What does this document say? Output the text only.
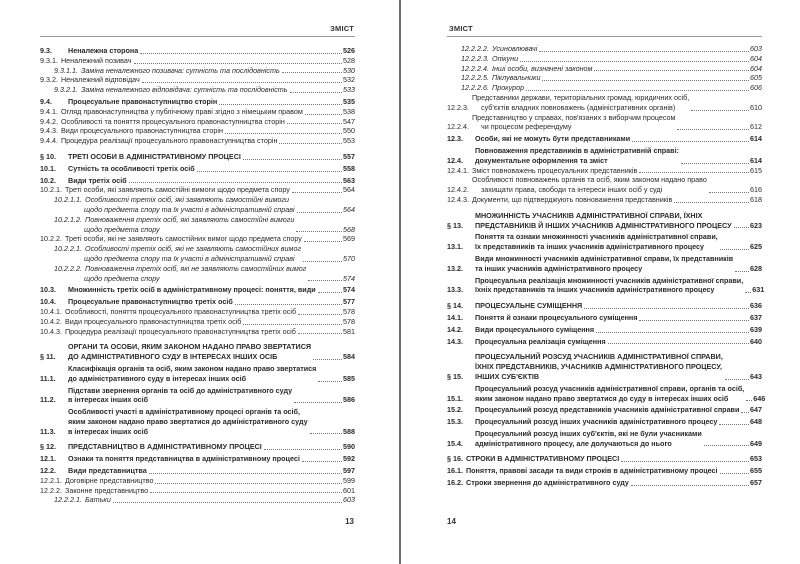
ЗМІСТ
9.3.	Неналежна сторона	526
9.3.1. Неналежний позивач	528
9.3.1.1. Заміна неналежного позивача: сутність та послідовність	530
9.3.2. Неналежний відповідач	532
9.3.2.1. Заміна неналежного відповідача: сутність та послідовність	533
9.4.	Процесуальне правонаступництво сторін	535
9.4.1. Огляд правонаступництва у публічному праві згідно з німецьким правом	538
9.4.2. Особливості та поняття процесуального правонаступництва сторін	547
9.4.3. Види процесуального правонаступництва сторін	550
9.4.4. Процедура реалізації процесуального правонаступництва сторін	553
§ 10.	ТРЕТІ ОСОБИ В АДМІНІСТРАТИВНОМУ ПРОЦЕСІ	557
10.1.	Сутність та особливості третіх осіб	558
10.2.	Види третіх осіб	563
10.2.1. Треті особи, які заявляють самостійні вимоги щодо предмета спору	564
10.2.1.1. Особливості третіх осіб, які заявляють самостійні вимоги
щодо предмета спору та їх участі в адміністративній справі	564
10.2.1.2. Повноваження третіх осіб, які заявляють самостійні вимоги
щодо предмета спору	568
10.2.2. Треті особи, які не заявляють самостійних вимог щодо предмета спору	569
10.2.2.1. Особливості третіх осіб, які не заявляють самостійних вимог
щодо предмета спору та їх участі в адміністративній справі	570
10.2.2.2. Повноваження третіх осіб, які не заявляють самостійних вимог
щодо предмета спору	574
10.3.	Множинність третіх осіб в адміністративному процесі: поняття, види	574
10.4.	Процесуальне правонаступництво третіх осіб	577
10.4.1. Особливості, поняття процесуального правонаступництва третіх осіб	578
10.4.2. Види процесуального правонаступництва третіх осіб	578
10.4.3. Процедура реалізації процесуального правонаступництва третіх осіб	581
§ 11.
ОРГАНИ ТА ОСОБИ, ЯКИМ ЗАКОНОМ НАДАНО ПРАВО ЗВЕРТАТИСЯ
ДО АДМІНІСТРАТИВНОГО СУДУ В ІНТЕРЕСАХ ІНШИХ ОСІБ	584
11.1.
Класифікація органів та осіб, яким законом надано право звертатися
до адміністративного суду в інтересах інших осіб	585
11.2.
Підстави звернення органів та осіб до адміністративного суду
в інтересах інших осіб	586
11.3.
Особливості участі в адміністративному процесі органів та осіб,
яким законом надано право звертатися до адміністративного суду
в інтересах інших осіб	588
§ 12.	ПРЕДСТАВНИЦТВО В АДМІНІСТРАТИВНОМУ ПРОЦЕСІ	590
12.1.	Ознаки та поняття представництва в адміністративному процесі	592
12.2.	Види представництва	597
12.2.1. Договірне представництво	599
12.2.2. Законне представництво	601
12.2.2.1. Батьки	603
13
ЗМІСТ
12.2.2.2. Усиновлювачі	603
12.2.2.3. Опікуни	604
12.2.2.4. Інші особи, визначені законом	604
12.2.2.5. Піклувальники	605
12.2.2.6. Прокурор	606
12.2.3.
Представники держави, територіальних громад, юридичних осіб,
суб'єктів владних повноважень (адміністративних органів)	610
12.2.4.
Представництво у справах, пов'язаних з виборчим процесом
чи процесом референдуму	612
12.3.	Особи, які не можуть бути представниками	614
12.4.
Повноваження представників в адміністративній справі:
документальне оформлення та зміст	614
12.4.1. Зміст повноважень процесуальних представників	615
12.4.2.
Особливості повноважень органів та осіб, яким законом надано право
захищати права, свободи та інтереси інших осіб у суді	616
12.4.3. Документи, що підтверджують повноваження представників	618
§ 13.
МНОЖИННІСТЬ УЧАСНИКІВ АДМІНІСТРАТИВНОЇ СПРАВИ, ЇХНІХ
ПРЕДСТАВНИКІВ Й ІНШИХ УЧАСНИКІВ АДМІНІСТРАТИВНОГО ПРОЦЕСУ	623
13.1.
Поняття та ознаки множинності учасників адміністративної справи,
їх представників та інших учасників адміністративного процесу	625
13.2.
Види множинності учасників адміністративної справи, їх представників
та інших учасників адміністративного процесу	628
13.3.
Процесуальна реалізація множинності учасників адміністративної справи,
їхніх представників та інших учасників адміністративного процесу	631
§ 14.	ПРОЦЕСУАЛЬНЕ СУМІЩЕННЯ	636
14.1.	Поняття й ознаки процесуального суміщення	637
14.2.	Види процесуального суміщення	639
14.3.	Процесуальна реалізація суміщення	640
§ 15.
ПРОЦЕСУАЛЬНИЙ РОЗСУД УЧАСНИКІВ АДМІНІСТРАТИВНОЇ СПРАВИ,
ЇХНІХ ПРЕДСТАВНИКІВ, УЧАСНИКІВ АДМІНІСТРАТИВНОГО ПРОЦЕСУ,
ІНШИХ СУБ'ЄКТІВ	643
15.1.
Процесуальний розсуд учасників адміністративної справи, органів та осіб,
яким законом надано право звертатися до суду в інтересах інших осіб	646
15.2.	Процесуальний розсуд представників учасників адміністративної справи 647
15.3.	Процесуальний розсуд інших учасників адміністративного процесу	648
15.4.
Процесуальний розсуд інших суб'єктів, які не були учасниками
адміністративного процесу, але долучаються до нього	649
§ 16. СТРОКИ В АДМІНІСТРАТИВНОМУ ПРОЦЕСІ	653
16.1. Поняття, правові засади та види строків в адміністративному процесі	655
16.2. Строки звернення до адміністративного суду	657
14
